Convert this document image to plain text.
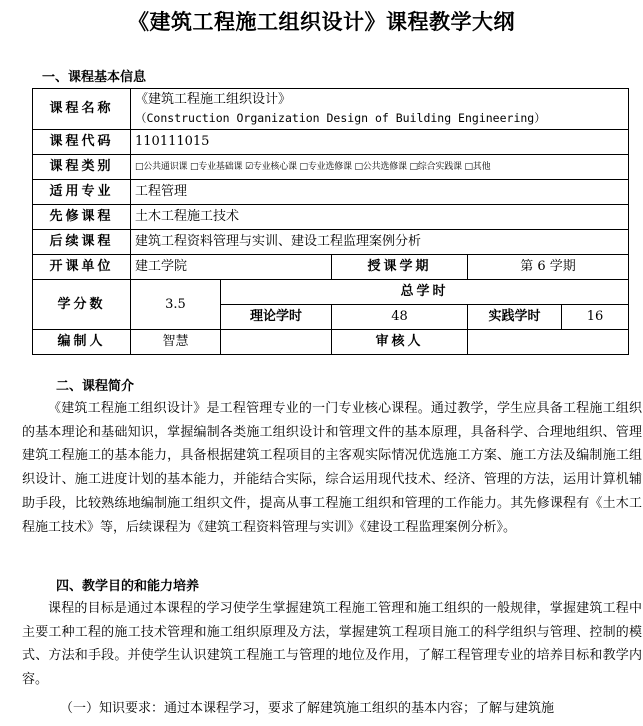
《建筑工程施工组织设计》课程教学大纲
一、课程基本信息
课程名称	《建筑工程施工组织设计》
（Construction Organization Design of Building Engineering）				

课程代码	110111015				
课程类别	□公共通识课 □专业基础课 ☑专业核心课 □专业选修课 □公共选修课 □综合实践课 □其他				
适用专业	工程管理				
先修课程	土木工程施工技术				
后续课程	建筑工程资料管理与实训、建设工程监理案例分析				
开课单位	建工学院		授课学期	第 6 学期	
学分数	3.5	总学时			
		理论学时	48	实践学时	16
编制人	智慧		审核人		
二、课程简介
《建筑工程施工组织设计》是工程管理专业的一门专业核心课程。通过教学，学生应具备工程施工组织的基本理论和基础知识，掌握编制各类施工组织设计和管理文件的基本原理，具备科学、合理地组织、管理建筑工程施工的基本能力，具备根据建筑工程项目的主客观实际情况优选施工方案、施工方法及编制施工组织设计、施工进度计划的基本能力，并能结合实际，综合运用现代技术、经济、管理的方法，运用计算机辅助手段，比较熟练地编制施工组织文件，提高从事工程施工组织和管理的工作能力。其先修课程有《土木工程施工技术》等，后续课程为《建筑工程资料管理与实训》《建设工程监理案例分析》。
四、教学目的和能力培养
课程的目标是通过本课程的学习使学生掌握建筑工程施工管理和施工组织的一般规律，掌握建筑工程中主要工种工程的施工技术管理和施工组织原理及方法，掌握建筑工程项目施工的科学组织与管理、控制的模式、方法和手段。并使学生认识建筑工程施工与管理的地位及作用，了解工程管理专业的培养目标和教学内容。
（一）知识要求：通过本课程学习，要求了解建筑施工组织的基本内容；了解与建筑施
